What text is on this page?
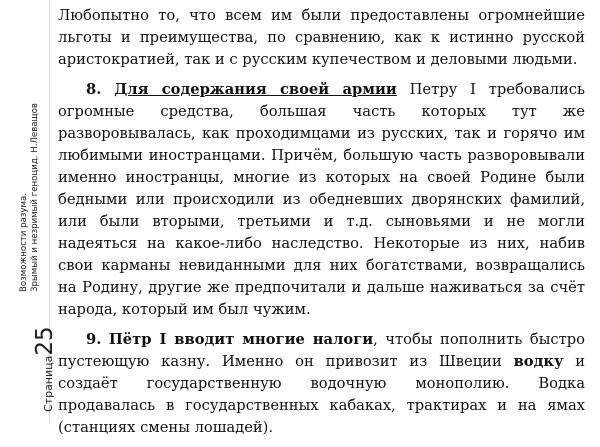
Страница25
Возможности разума. Зрымый и незримый геноцид. Н.Леващов

Любопытно то, что всем им были предоставлены огромнейшие льготы и преимущества, по сравнению, как к истинно русской аристократией, так и с русским купечеством и деловыми людьми.

8. Для содержания своей армии Петру I требовались огромные средства, большая часть которых тут же разворовывалась, как проходимцами из русских, так и горячо им любимыми иностранцами. Причём, большую часть разворовывали именно иностранцы, многие из которых на своей Родине были бедными или происходили из обедневших дворянских фамилий, или были вторыми, третьими и т.д. сыновьями и не могли надеяться на какое-либо наследство. Некоторые из них, набив свои карманы невиданными для них богатствами, возвращались на Родину, другие же предпочитали и дальше наживаться за счёт народа, который им был чужим.

9. Пётр I вводит многие налоги, чтобы пополнить быстро пустеющую казну. Именно он привозит из Швеции водку и создаёт государственную водочную монополию. Водка продавалась в государственных кабаках, трактирах и на ямах (станциях смены лошадей).
